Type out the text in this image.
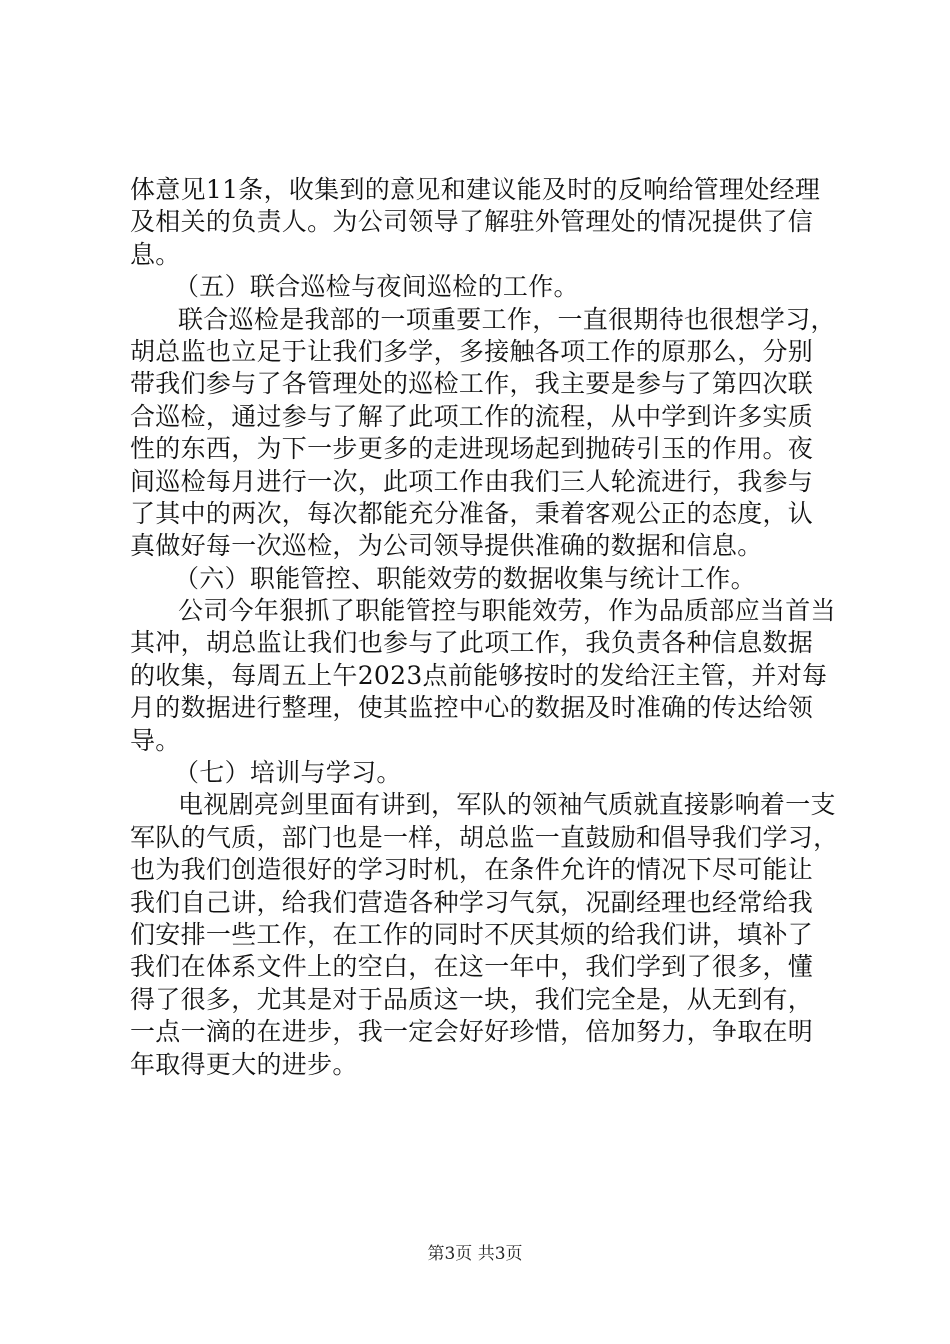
体意见11条，收集到的意见和建议能及时的反响给管理处经理
及相关的负责人。为公司领导了解驻外管理处的情况提供了信
息。
（五）联合巡检与夜间巡检的工作。
联合巡检是我部的一项重要工作，一直很期待也很想学习，
胡总监也立足于让我们多学，多接触各项工作的原那么，分别
带我们参与了各管理处的巡检工作，我主要是参与了第四次联
合巡检，通过参与了解了此项工作的流程，从中学到许多实质
性的东西，为下一步更多的走进现场起到抛砖引玉的作用。夜
间巡检每月进行一次，此项工作由我们三人轮流进行，我参与
了其中的两次，每次都能充分准备，秉着客观公正的态度，认
真做好每一次巡检，为公司领导提供准确的数据和信息。
（六）职能管控、职能效劳的数据收集与统计工作。
公司今年狠抓了职能管控与职能效劳，作为品质部应当首当
其冲，胡总监让我们也参与了此项工作，我负责各种信息数据
的收集，每周五上午2023点前能够按时的发给汪主管，并对每
月的数据进行整理，使其监控中心的数据及时准确的传达给领
导。
（七）培训与学习。
电视剧亮剑里面有讲到，军队的领袖气质就直接影响着一支
军队的气质，部门也是一样，胡总监一直鼓励和倡导我们学习，
也为我们创造很好的学习时机，在条件允许的情况下尽可能让
我们自己讲，给我们营造各种学习气氛，况副经理也经常给我
们安排一些工作，在工作的同时不厌其烦的给我们讲，填补了
我们在体系文件上的空白，在这一年中，我们学到了很多，懂
得了很多，尤其是对于品质这一块，我们完全是，从无到有，
一点一滴的在进步，我一定会好好珍惜，倍加努力，争取在明
年取得更大的进步。
第3页 共3页
